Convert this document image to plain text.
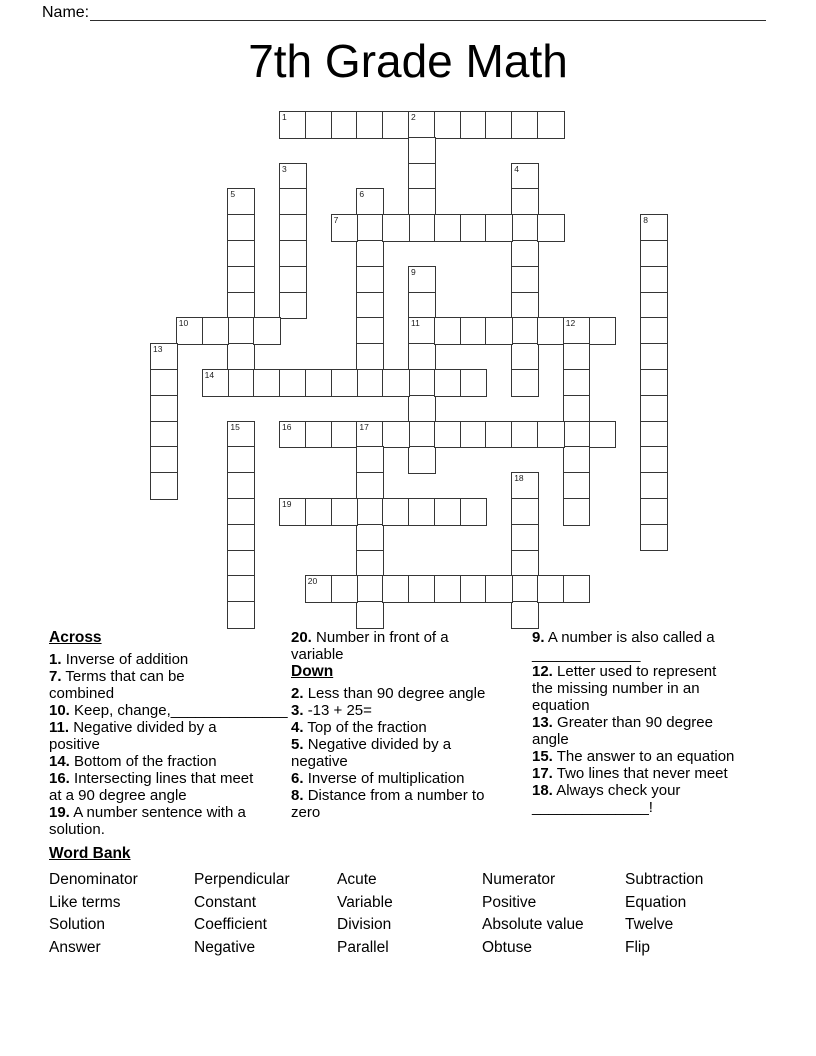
Name:
7th Grade Math
1	2
3	4
5	6
7	8
9
11
10	12
13
14
15	16	17
18
19
20
Across

1. Inverse of addition

7. Terms that can be
combined

10. Keep, change,______________

11. Negative divided by a
positive

14. Bottom of the fraction

16. Intersecting lines that meet
at a 90 degree angle

19. A number sentence with a
solution.

20. Number in front of a
variable

Down

2. Less than 90 degree angle

3. -13 + 25=

4. Top of the fraction

5. Negative divided by a
negative

6. Inverse of multiplication

8. Distance from a number to
zero

9. A number is also called a
_____________

12. Letter used to represent
the missing number in an
equation

13. Greater than 90 degree
angle

15. The answer to an equation

17. Two lines that never meet

18. Always check your
______________!

Word Bank
Denominator	Perpendicular	Acute	Numerator	Subtraction
Like terms	Constant	Variable	Positive	Equation
Solution	Coefficient	Division	Absolute value	Twelve
Answer	Negative	Parallel	Obtuse	Flip
